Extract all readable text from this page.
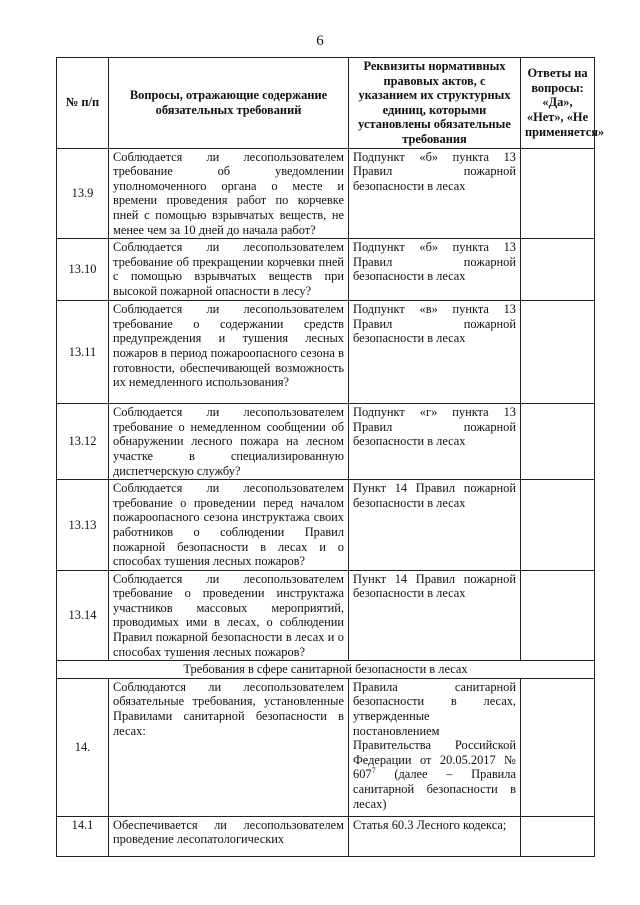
6
№ п/п	Вопросы, отражающие содержание обязательных требований	Реквизиты нормативных правовых актов, с указанием их структурных единиц, которыми установлены обязательные требования	Ответы на вопросы: «Да», «Нет», «Не применяется»
13.9	Соблюдается ли лесопользователем требование об уведомлении уполномоченного органа о месте и времени проведения работ по корчевке пней с помощью взрывчатых веществ, не менее чем за 10 дней до начала работ?	Подпункт «б» пункта 13 Правил пожарной безопасности в лесах	
13.10	Соблюдается ли лесопользователем требование об прекращении корчевки пней с помощью взрывчатых веществ при высокой пожарной опасности в лесу?	Подпункт «б» пункта 13 Правил пожарной безопасности в лесах	
13.11	Соблюдается ли лесопользователем требование о содержании средств предупреждения и тушения лесных пожаров в период пожароопасного сезона в готовности, обеспечивающей возможность их немедленного использования?	Подпункт «в» пункта 13 Правил пожарной безопасности в лесах	
13.12	Соблюдается ли лесопользователем требование о немедленном сообщении об обнаружении лесного пожара на лесном участке в специализированную диспетчерскую службу?	Подпункт «г» пункта 13 Правил пожарной безопасности в лесах	
13.13	Соблюдается ли лесопользователем требование о проведении перед началом пожароопасного сезона инструктажа своих работников о соблюдении Правил пожарной безопасности в лесах и о способах тушения лесных пожаров?	Пункт 14 Правил пожарной безопасности в лесах	
13.14	Соблюдается ли лесопользователем требование о проведении инструктажа участников массовых мероприятий, проводимых ими в лесах, о соблюдении Правил пожарной безопасности в лесах и о способах тушения лесных пожаров?	Пункт 14 Правил пожарной безопасности в лесах	
Требования в сфере санитарной безопасности в лесах			
14.	Соблюдаются ли лесопользователем обязательные требования, установленные Правилами санитарной безопасности в лесах:	Правила санитарной безопасности в лесах, утвержденные постановлением Правительства Российской Федерации от 20.05.2017 № $607^7$ (далее – Правила санитарной безопасности в лесах)	
14.1	Обеспечивается ли лесопользователем проведение лесопатологических	Статья 60.3 Лесного кодекса;	
